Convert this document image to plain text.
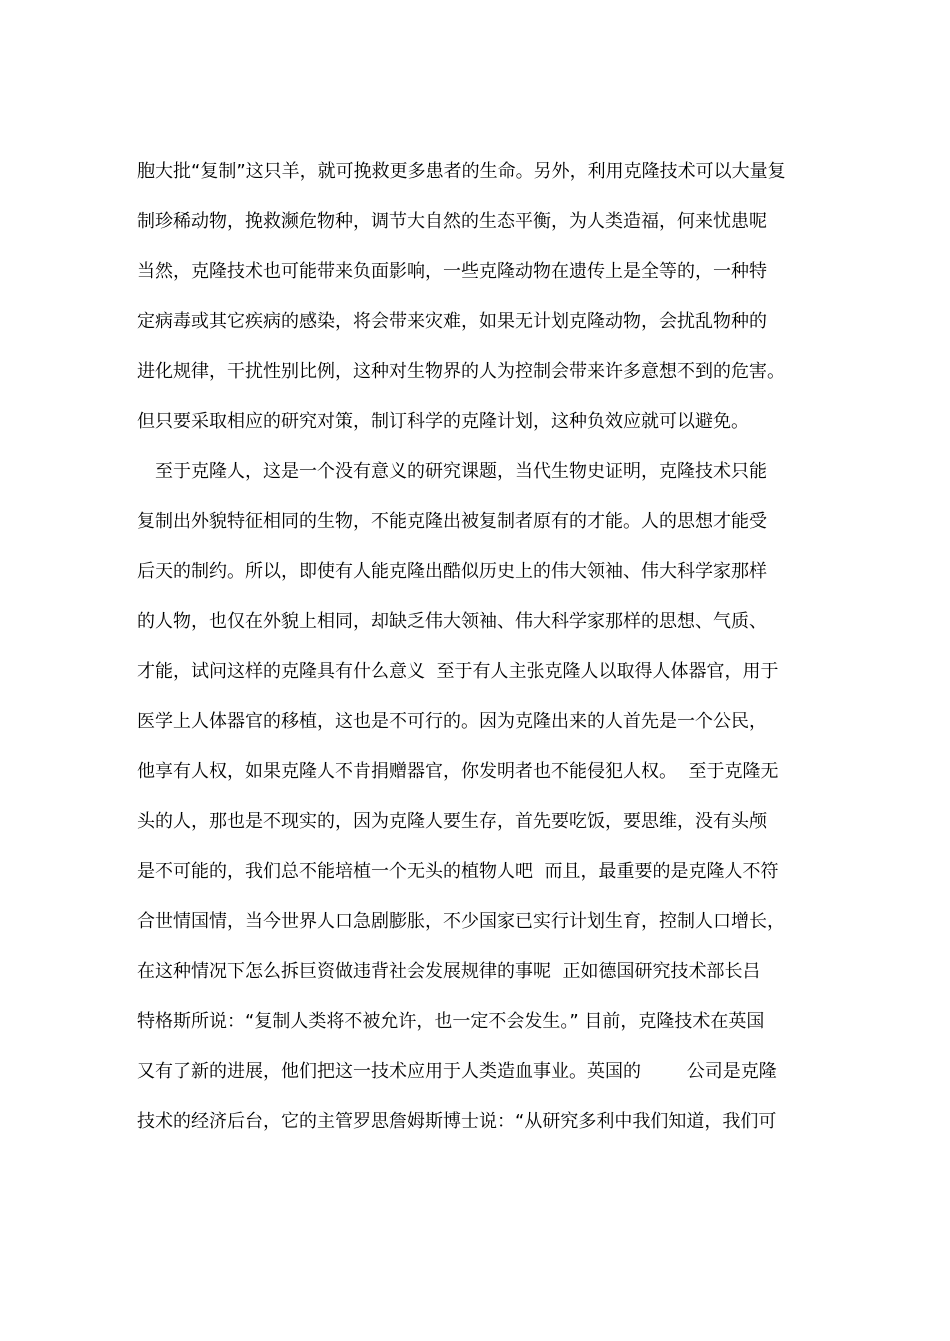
胞大批“复制”这只羊，就可挽救更多患者的生命。另外，利用克隆技术可以大量复
制珍稀动物，挽救濒危物种，调节大自然的生态平衡，为人类造福，何来忧患呢
当然，克隆技术也可能带来负面影响，一些克隆动物在遗传上是全等的，一种特
定病毒或其它疾病的感染，将会带来灾难，如果无计划克隆动物，会扰乱物种的
进化规律，干扰性别比例，这种对生物界的人为控制会带来许多意想不到的危害。
但只要采取相应的研究对策，制订科学的克隆计划，这种负效应就可以避免。
　至于克隆人，这是一个没有意义的研究课题，当代生物史证明，克隆技术只能
复制出外貌特征相同的生物，不能克隆出被复制者原有的才能。人的思想才能受
后天的制约。所以，即使有人能克隆出酷似历史上的伟大领袖、伟大科学家那样
的人物，也仅在外貌上相同，却缺乏伟大领袖、伟大科学家那样的思想、气质、
才能，试问这样的克隆具有什么意义  至于有人主张克隆人以取得人体器官，用于
医学上人体器官的移植，这也是不可行的。因为克隆出来的人首先是一个公民，
他享有人权，如果克隆人不肯捐赠器官，你发明者也不能侵犯人权。  至于克隆无
头的人，那也是不现实的，因为克隆人要生存，首先要吃饭，要思维，没有头颅
是不可能的，我们总不能培植一个无头的植物人吧  而且，最重要的是克隆人不符
合世情国情，当今世界人口急剧膨胀，不少国家已实行计划生育，控制人口增长，
在这种情况下怎么拆巨资做违背社会发展规律的事呢  正如德国研究技术部长吕
特格斯所说：“复制人类将不被允许，也一定不会发生。” 目前，克隆技术在英国
又有了新的进展，他们把这一技术应用于人类造血事业。英国的        公司是克隆
技术的经济后台，它的主管罗思詹姆斯博士说：“从研究多利中我们知道，我们可
